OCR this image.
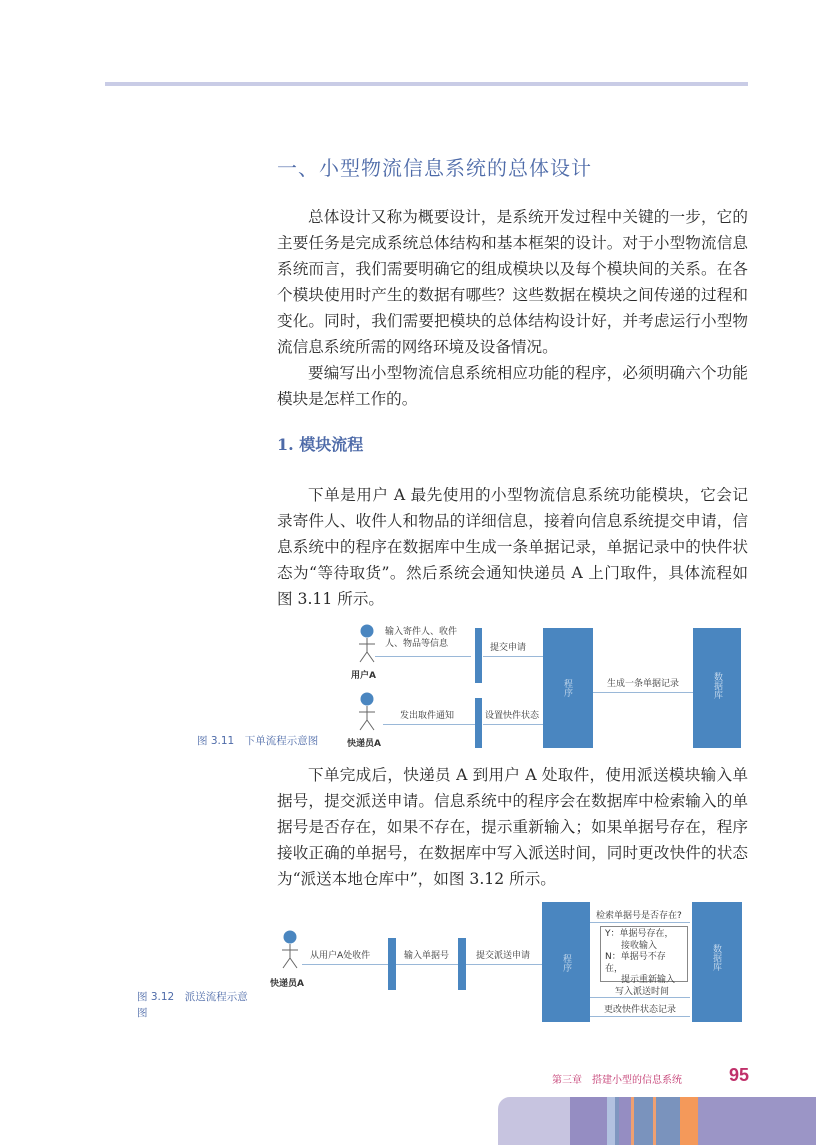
一、小型物流信息系统的总体设计

总体设计又称为概要设计，是系统开发过程中关键的一步，它的主要任务是完成系统总体结构和基本框架的设计。对于小型物流信息系统而言，我们需要明确它的组成模块以及每个模块间的关系。在各个模块使用时产生的数据有哪些？这些数据在模块之间传递的过程和变化。同时，我们需要把模块的总体结构设计好，并考虑运行小型物流信息系统所需的网络环境及设备情况。

要编写出小型物流信息系统相应功能的程序，必须明确六个功能模块是怎样工作的。

1. 模块流程

下单是用户 A 最先使用的小型物流信息系统功能模块，它会记录寄件人、收件人和物品的详细信息，接着向信息系统提交申请，信息系统中的程序在数据库中生成一条单据记录，单据记录中的快件状态为“等待取货”。然后系统会通知快递员 A 上门取件，具体流程如图 3.11 所示。

图 3.11　下单流程示意图
用户A
输入寄件人、收件人、物品等信息	提交申请
快递员A
发出取件通知	设置快件状态
程序	生成一条单据记录	数据库

下单完成后，快递员 A 到用户 A 处取件，使用派送模块输入单据号，提交派送申请。信息系统中的程序会在数据库中检索输入的单据号是否存在，如果不存在，提示重新输入；如果单据号存在，程序接收正确的单据号，在数据库中写入派送时间，同时更改快件的状态为“派送本地仓库中”，如图 3.12 所示。

图 3.12　派送流程示意图
快递员A
从用户A处收件	输入单据号	提交派送申请	程序
检索单据号是否存在?
Y：单据号存在，
接收输入
N：单据号不存在，
提示重新输入
写入派送时间
更改快件状态记录
数据库
第三章　搭建小型的信息系统	95
